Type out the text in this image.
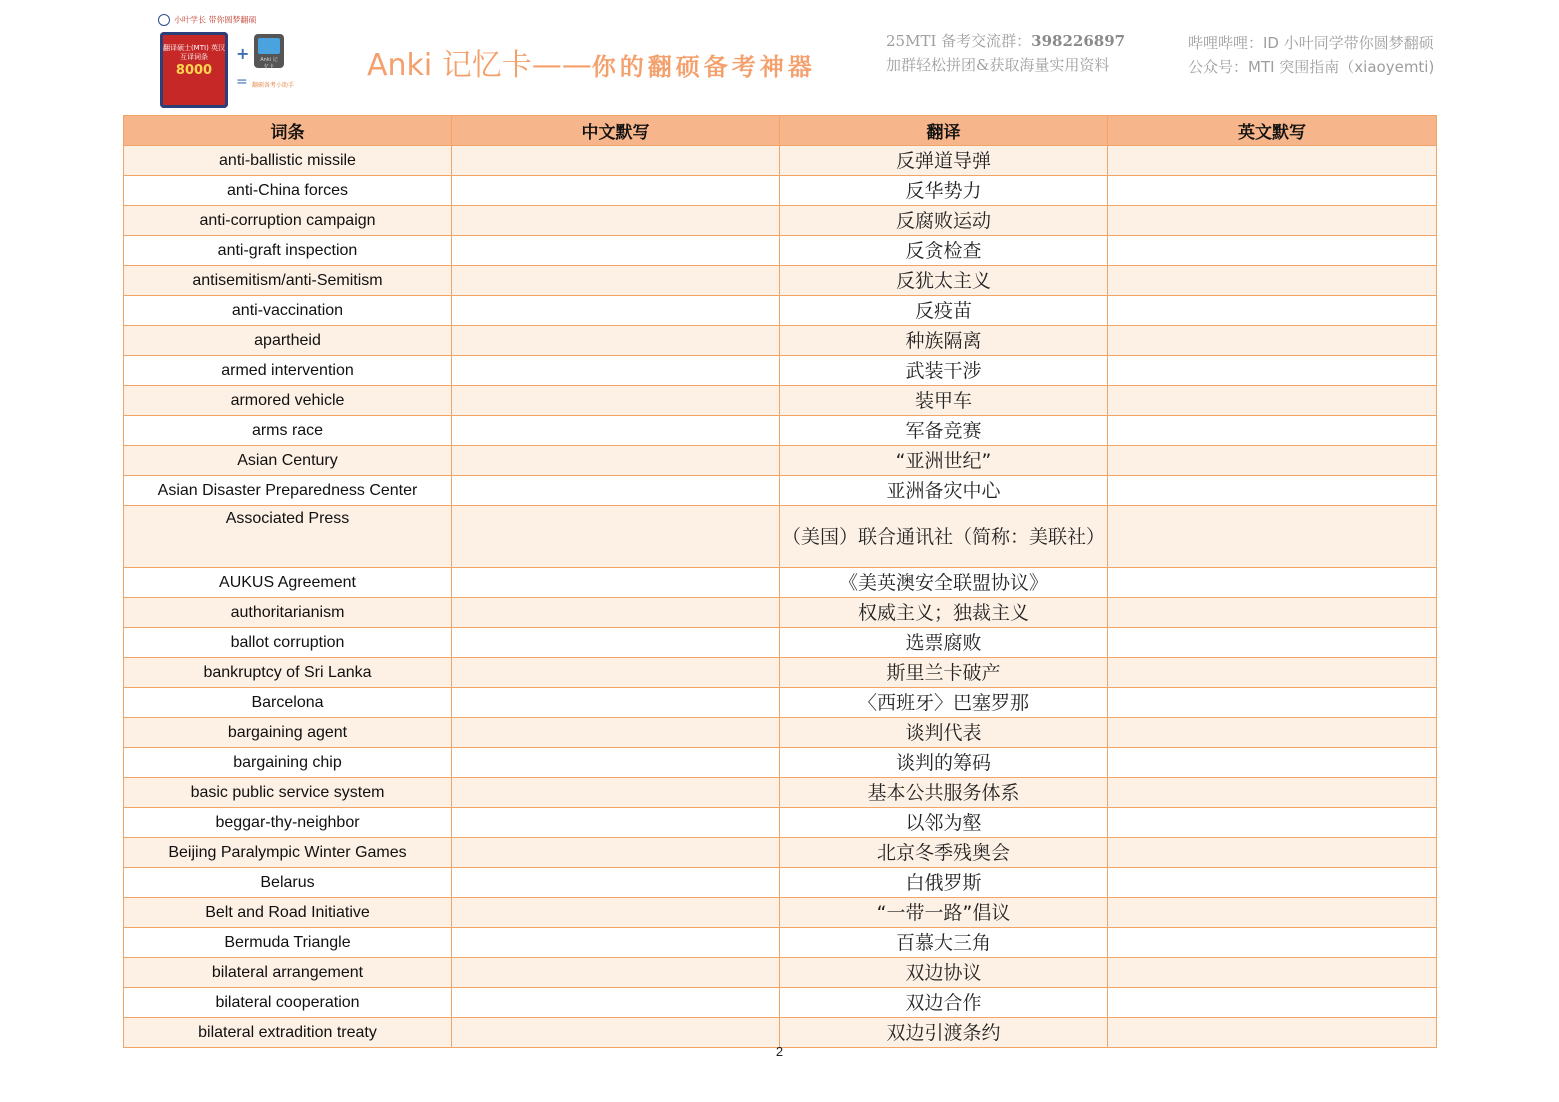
小叶学长 带你圆梦翻硕
翻译硕士(MTI) 英汉互译词条
8000
+	Anki 记忆卡
= 翻硕备考小助手
Anki 记忆卡——你的翻硕备考神器
25MTI 备考交流群：398226897
加群轻松拼团&获取海量实用资料
哔哩哔哩：ID 小叶同学带你圆梦翻硕
公众号：MTI 突围指南（xiaoyemti)
词条	中文默写	翻译	英文默写
anti-ballistic missile		反弹道导弹	
anti-China forces		反华势力	
anti-corruption campaign		反腐败运动	
anti-graft inspection		反贪检查	
antisemitism/anti-Semitism		反犹太主义	
anti-vaccination		反疫苗	
apartheid		种族隔离	
armed intervention		武装干涉	
armored vehicle		装甲车	
arms race		军备竞赛	
Asian Century		“亚洲世纪”	
Asian Disaster Preparedness Center		亚洲备灾中心	
Associated Press		（美国）联合通讯社（简称：美联社）	
AUKUS Agreement		《美英澳安全联盟协议》	
authoritarianism		权威主义；独裁主义	
ballot corruption		选票腐败	
bankruptcy of Sri Lanka		斯里兰卡破产	
Barcelona		〈西班牙〉巴塞罗那	
bargaining agent		谈判代表	
bargaining chip		谈判的筹码	
basic public service system		基本公共服务体系	
beggar-thy-neighbor		以邻为壑	
Beijing Paralympic Winter Games		北京冬季残奥会	
Belarus		白俄罗斯	
Belt and Road Initiative		“一带一路”倡议	
Bermuda Triangle		百慕大三角	
bilateral arrangement		双边协议	
bilateral cooperation		双边合作	
bilateral extradition treaty		双边引渡条约	
2
